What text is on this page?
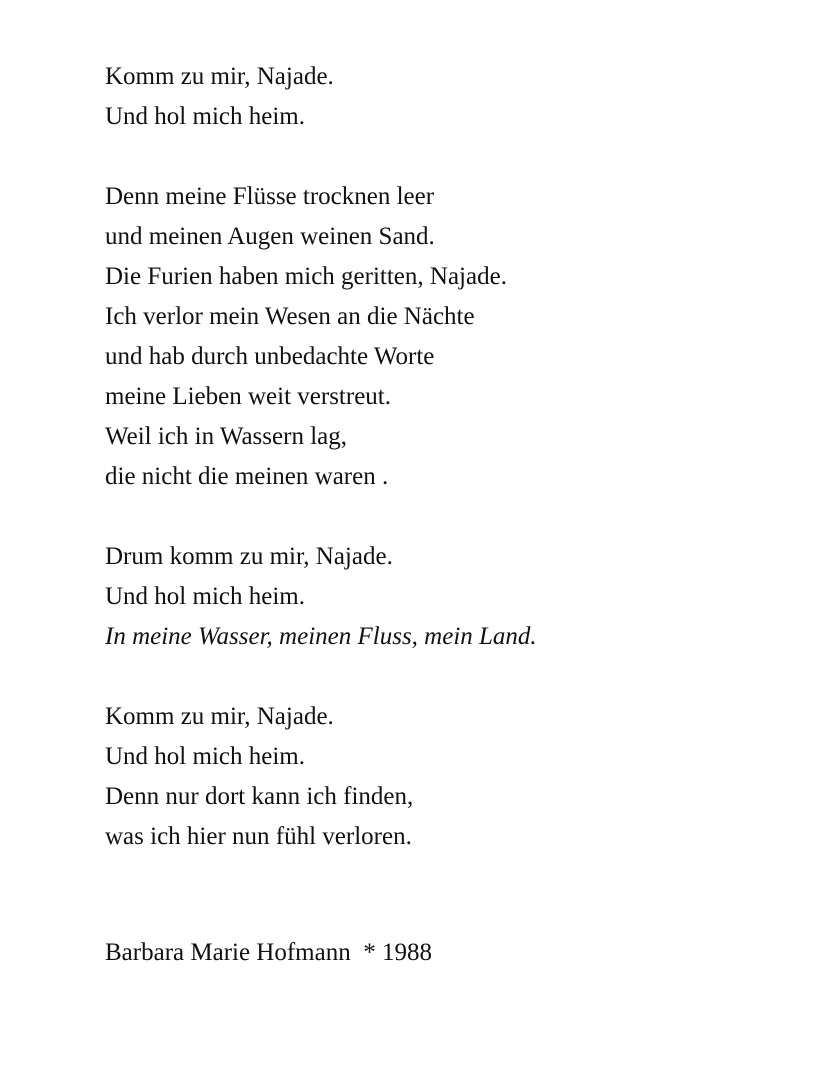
Komm zu mir, Najade.
Und hol mich heim.
Denn meine Flüsse trocknen leer
und meinen Augen weinen Sand.
Die Furien haben mich geritten, Najade.
Ich verlor mein Wesen an die Nächte
und hab durch unbedachte Worte
meine Lieben weit verstreut.
Weil ich in Wassern lag,
die nicht die meinen waren .
Drum komm zu mir, Najade.
Und hol mich heim.
In meine Wasser, meinen Fluss, mein Land.
Komm zu mir, Najade.
Und hol mich heim.
Denn nur dort kann ich finden,
was ich hier nun fühl verloren.
Barbara Marie Hofmann  * 1988
